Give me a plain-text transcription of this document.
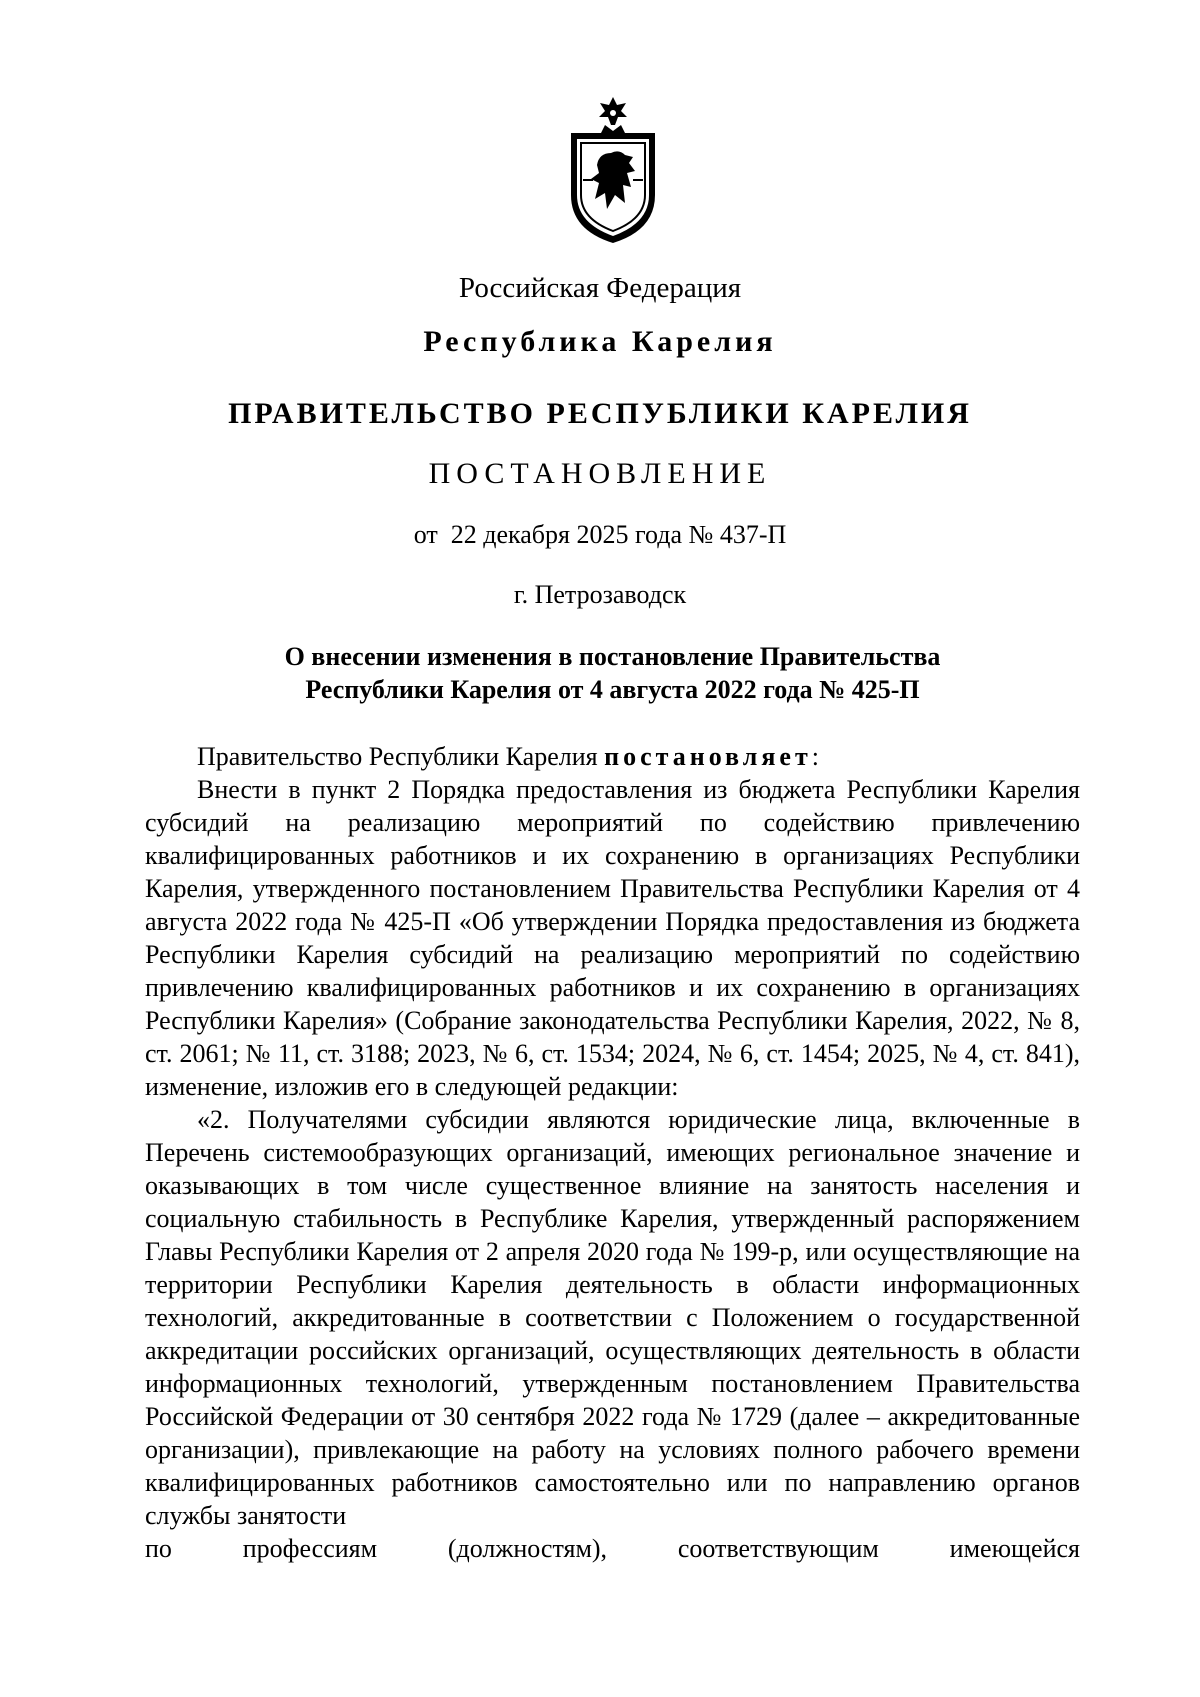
Российская Федерация
Республика Карелия
ПРАВИТЕЛЬСТВО РЕСПУБЛИКИ КАРЕЛИЯ
ПОСТАНОВЛЕНИЕ
от  22 декабря 2025 года № 437-П
г. Петрозаводск
О внесении изменения в постановление Правительства
Республики Карелия от 4 августа 2022 года № 425-П

Правительство Республики Карелия постановляет:

Внести в пункт 2 Порядка предоставления из бюджета Республики Карелия субсидий на реализацию мероприятий по содействию привлечению квалифицированных работников и их сохранению в организациях Республики Карелия, утвержденного постановлением Правительства Республики Карелия от 4 августа 2022 года № 425-П «Об утверждении Порядка предоставления из бюджета Республики Карелия субсидий на реализацию мероприятий по содействию привлечению квалифицированных работников и их сохранению в организациях Республики Карелия» (Собрание законодательства Республики Карелия, 2022, № 8, ст. 2061; № 11, ст. 3188; 2023, № 6, ст. 1534; 2024, № 6, ст. 1454; 2025, № 4, ст. 841), изменение, изложив его в следующей редакции:

«2. Получателями субсидии являются юридические лица, включенные в Перечень системообразующих организаций, имеющих региональное значение и оказывающих в том числе существенное влияние на занятость населения и социальную стабильность в Республике Карелия, утвержденный распоряжением Главы Республики Карелия от 2 апреля 2020 года № 199-р, или осуществляющие на территории Республики Карелия деятельность в области информационных технологий, аккредитованные в соответствии с Положением о государственной аккредитации российских организаций, осуществляющих деятельность в области информационных технологий, утвержденным постановлением Правительства Российской Федерации от 30 сентября 2022 года № 1729 (далее – аккредитованные организации), привлекающие на работу на условиях полного рабочего времени квалифицированных работников самостоятельно или по направлению органов службы занятости

по	профессиям	(должностям),	соответствующим	имеющейся
